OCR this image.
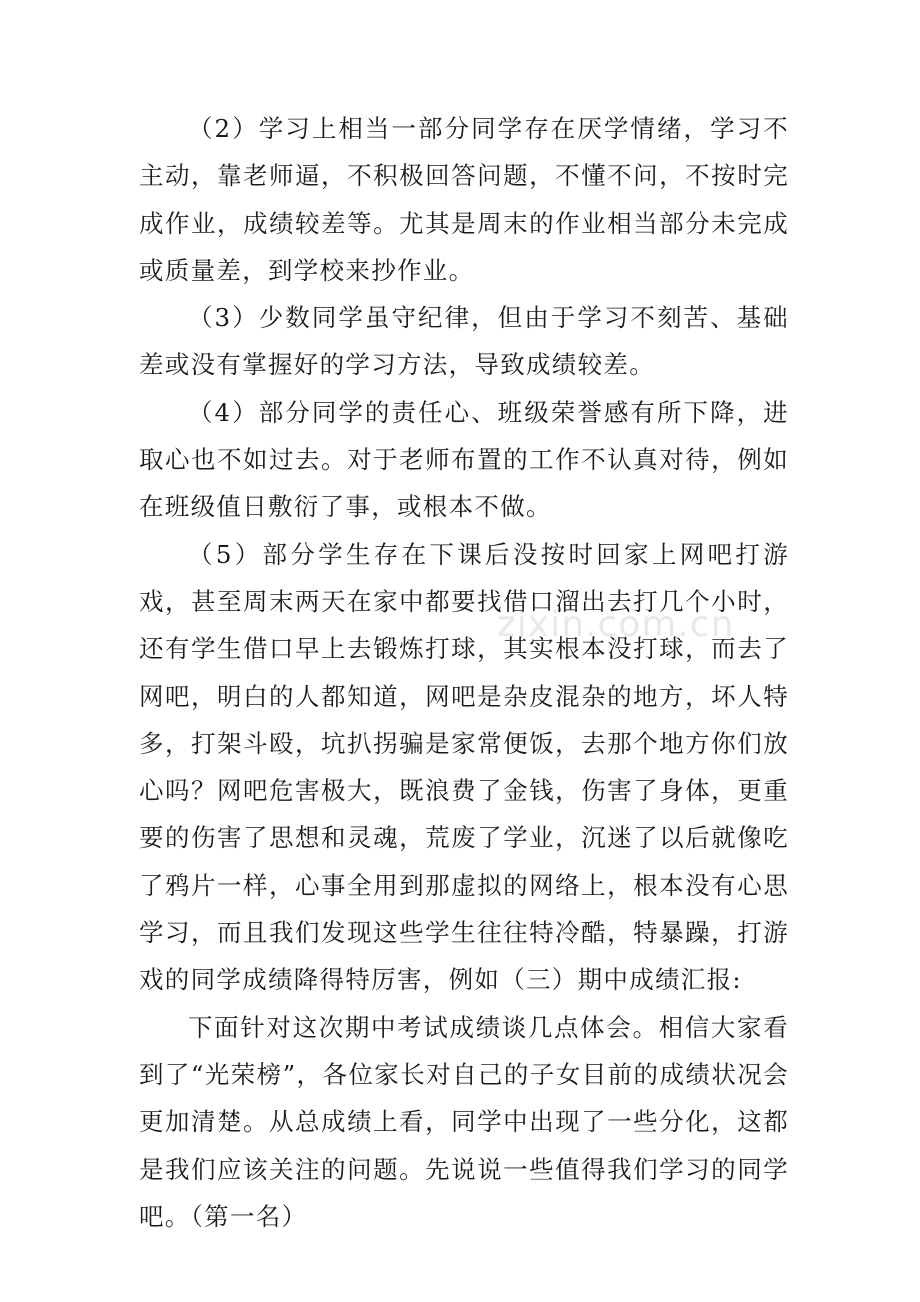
（2）学习上相当一部分同学存在厌学情绪，学习不主动，靠老师逼，不积极回答问题，不懂不问，不按时完成作业，成绩较差等。尤其是周末的作业相当部分未完成或质量差，到学校来抄作业。

（3）少数同学虽守纪律，但由于学习不刻苦、基础差或没有掌握好的学习方法，导致成绩较差。

（4）部分同学的责任心、班级荣誉感有所下降，进取心也不如过去。对于老师布置的工作不认真对待，例如在班级值日敷衍了事，或根本不做。

（5）部分学生存在下课后没按时回家上网吧打游戏，甚至周末两天在家中都要找借口溜出去打几个小时，还有学生借口早上去锻炼打球，其实根本没打球，而去了网吧，明白的人都知道，网吧是杂皮混杂的地方，坏人特多，打架斗殴，坑扒拐骗是家常便饭，去那个地方你们放心吗？网吧危害极大，既浪费了金钱，伤害了身体，更重要的伤害了思想和灵魂，荒废了学业，沉迷了以后就像吃了鸦片一样，心事全用到那虚拟的网络上，根本没有心思学习，而且我们发现这些学生往往特冷酷，特暴躁，打游戏的同学成绩降得特厉害，例如（三）期中成绩汇报:

下面针对这次期中考试成绩谈几点体会。相信大家看到了“光荣榜”，各位家长对自己的子女目前的成绩状况会更加清楚。从总成绩上看，同学中出现了一些分化，这都是我们应该关注的问题。先说说一些值得我们学习的同学吧。（第一名）

zixin.com.cn
